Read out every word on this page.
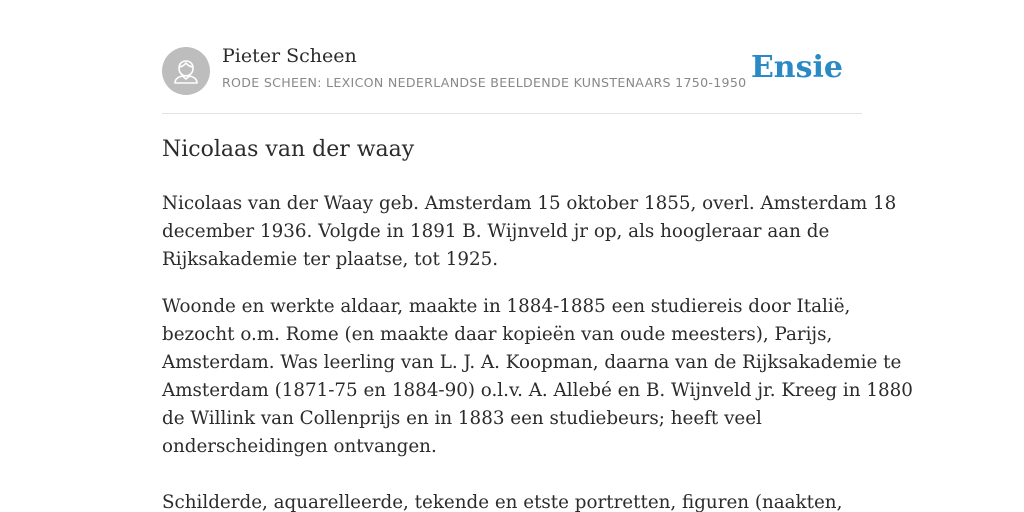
Pieter Scheen
RODE SCHEEN: LEXICON NEDERLANDSE BEELDENDE KUNSTENAARS 1750-1950 Ensie
Nicolaas van der waay

Nicolaas van der Waay geb. Amsterdam 15 oktober 1855, overl. Amsterdam 18
december 1936. Volgde in 1891 B. Wijnveld jr op, als hoogleraar aan de
Rijksakademie ter plaatse, tot 1925.

Woonde en werkte aldaar, maakte in 1884-1885 een studiereis door Italië,
bezocht o.m. Rome (en maakte daar kopieën van oude meesters), Parijs,
Amsterdam. Was leerling van L. J. A. Koopman, daarna van de Rijksakademie te
Amsterdam (1871-75 en 1884-90) o.l.v. A. Allebé en B. Wijnveld jr. Kreeg in 1880
de Willink van Collenprijs en in 1883 een studiebeurs; heeft veel
onderscheidingen ontvangen.

Schilderde, aquarelleerde, tekende en etste portretten, figuren (naakten,
